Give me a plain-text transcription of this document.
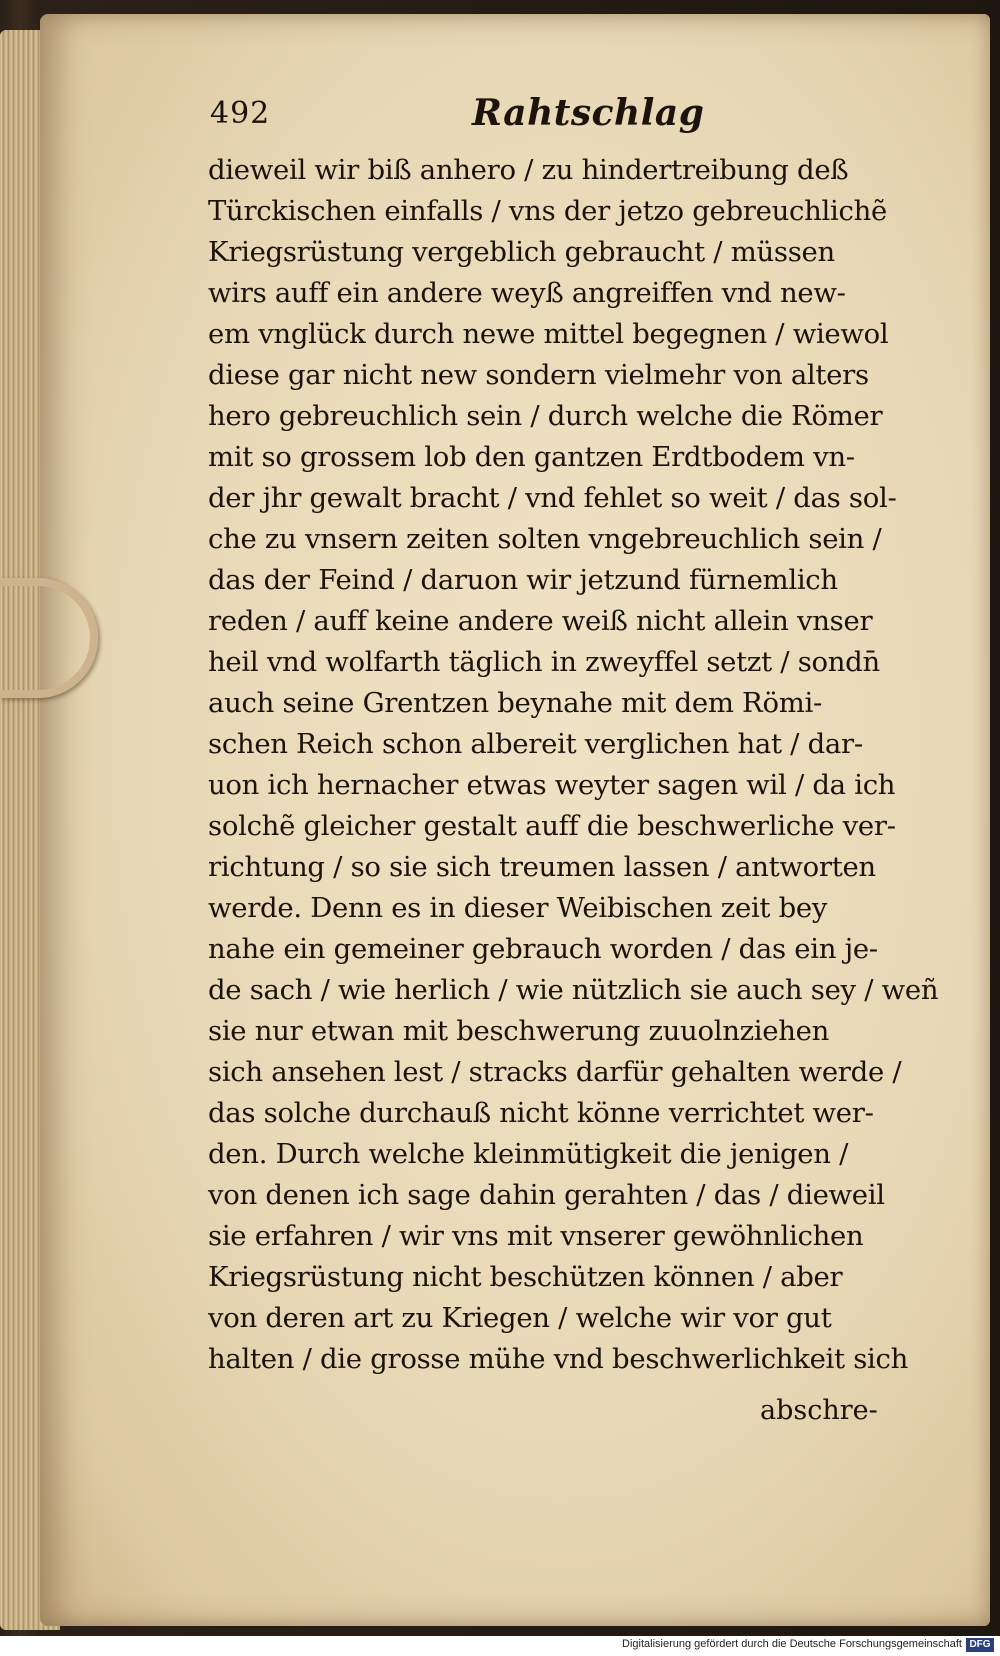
492	Rahtschlag
dieweil wir biß anhero / zu hindertreibung deß
Türckischen einfalls / vns der jetzo gebreuchlichẽ
Kriegsrüstung vergeblich gebraucht / müssen
wirs auff ein andere weyß angreiffen vnd new-
em vnglück durch newe mittel begegnen / wiewol
diese gar nicht new sondern vielmehr von alters
hero gebreuchlich sein / durch welche die Römer
mit so grossem lob den gantzen Erdtbodem vn-
der jhr gewalt bracht / vnd fehlet so weit / das sol-
che zu vnsern zeiten solten vngebreuchlich sein /
das der Feind / daruon wir jetzund fürnemlich
reden / auff keine andere weiß nicht allein vnser
heil vnd wolfarth täglich in zweyffel setzt / sondn̄
auch seine Grentzen beynahe mit dem Römi-
schen Reich schon albereit verglichen hat / dar-
uon ich hernacher etwas weyter sagen wil / da ich
solchẽ gleicher gestalt auff die beschwerliche ver-
richtung / so sie sich treumen lassen / antworten
werde. Denn es in dieser Weibischen zeit bey
nahe ein gemeiner gebrauch worden / das ein je-
de sach / wie herlich / wie nützlich sie auch sey / weñ
sie nur etwan mit beschwerung zuuolnziehen
sich ansehen lest / stracks darfür gehalten werde /
das solche durchauß nicht könne verrichtet wer-
den. Durch welche kleinmütigkeit die jenigen /
von denen ich sage dahin gerahten / das / dieweil
sie erfahren / wir vns mit vnserer gewöhnlichen
Kriegsrüstung nicht beschützen können / aber
von deren art zu Kriegen / welche wir vor gut
halten / die grosse mühe vnd beschwerlichkeit sich
abschre-
Digitalisierung gefördert durch die Deutsche Forschungsgemeinschaft DFG
